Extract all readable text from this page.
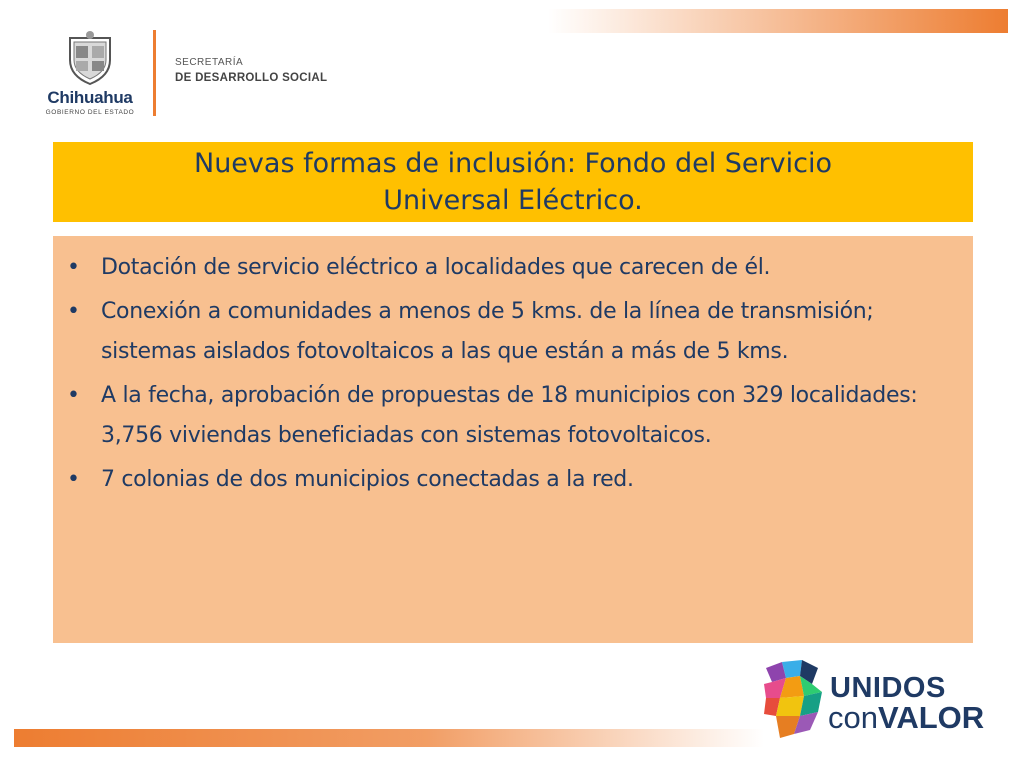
Chihuahua
GOBIERNO DEL ESTADO
SECRETARÍA
DE DESARROLLO SOCIAL
Nuevas formas de inclusión: Fondo del Servicio Universal Eléctrico.
• Dotación de servicio eléctrico a localidades que carecen de él.
• Conexión a comunidades a menos de 5 kms. de la línea de transmisión; sistemas aislados fotovoltaicos a las que están a más de 5 kms.
• A la fecha, aprobación de propuestas de 18 municipios con 329 localidades: 3,756 viviendas beneficiadas con sistemas fotovoltaicos.
• 7 colonias de dos municipios conectadas a la red.
UNIDOS
conVALOR
